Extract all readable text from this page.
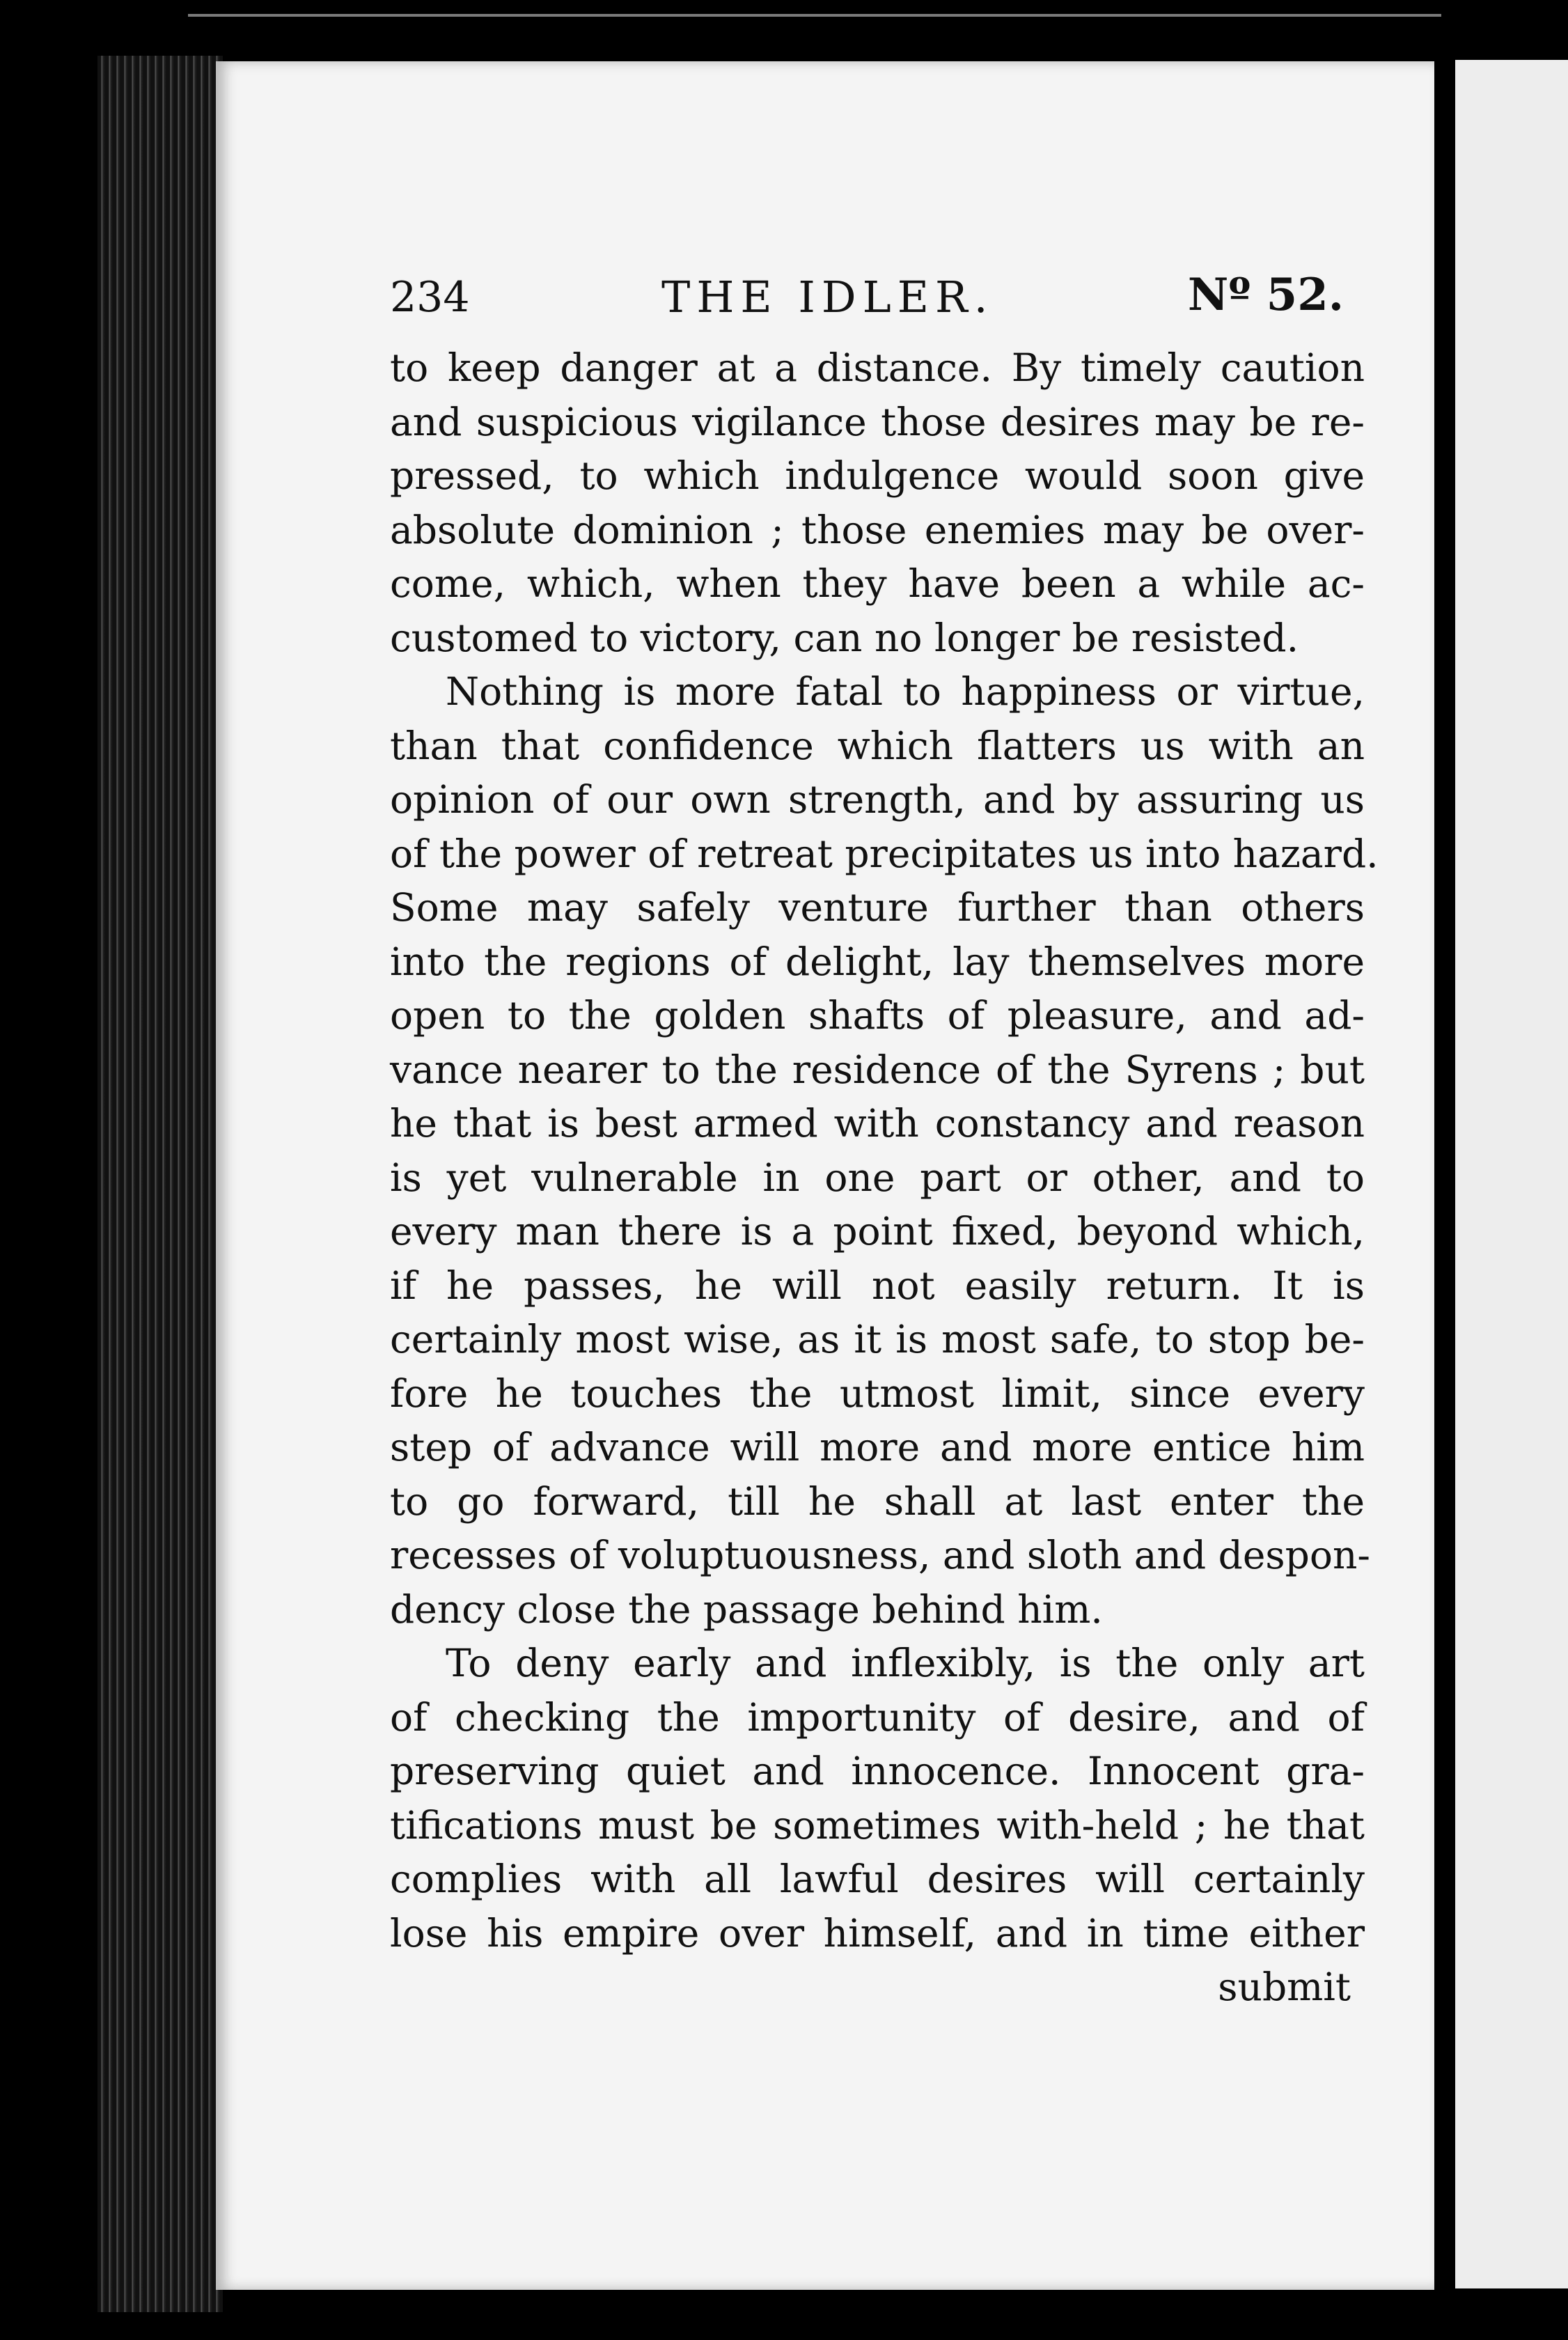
234	THE IDLER.	Nº 52.
to keep danger at a distance. By timely caution
and suspicious vigilance those desires may be re-
pressed, to which indulgence would soon give
absolute dominion ; those enemies may be over-
come, which, when they have been a while ac-
customed to victory, can no longer be resisted.
Nothing is more fatal to happiness or virtue,
than that confidence which flatters us with an
opinion of our own strength, and by assuring us
of the power of retreat precipitates us into hazard.
Some may safely venture further than others
into the regions of delight, lay themselves more
open to the golden shafts of pleasure, and ad-
vance nearer to the residence of the Syrens ; but
he that is best armed with constancy and reason
is yet vulnerable in one part or other, and to
every man there is a point fixed, beyond which,
if he passes, he will not easily return. It is
certainly most wise, as it is most safe, to stop be-
fore he touches the utmost limit, since every
step of advance will more and more entice him
to go forward, till he shall at last enter the
recesses of voluptuousness, and sloth and despon-
dency close the passage behind him.
To deny early and inflexibly, is the only art
of checking the importunity of desire, and of
preserving quiet and innocence. Innocent gra-
tifications must be sometimes with-held ; he that
complies with all lawful desires will certainly
lose his empire over himself, and in time either
submit
